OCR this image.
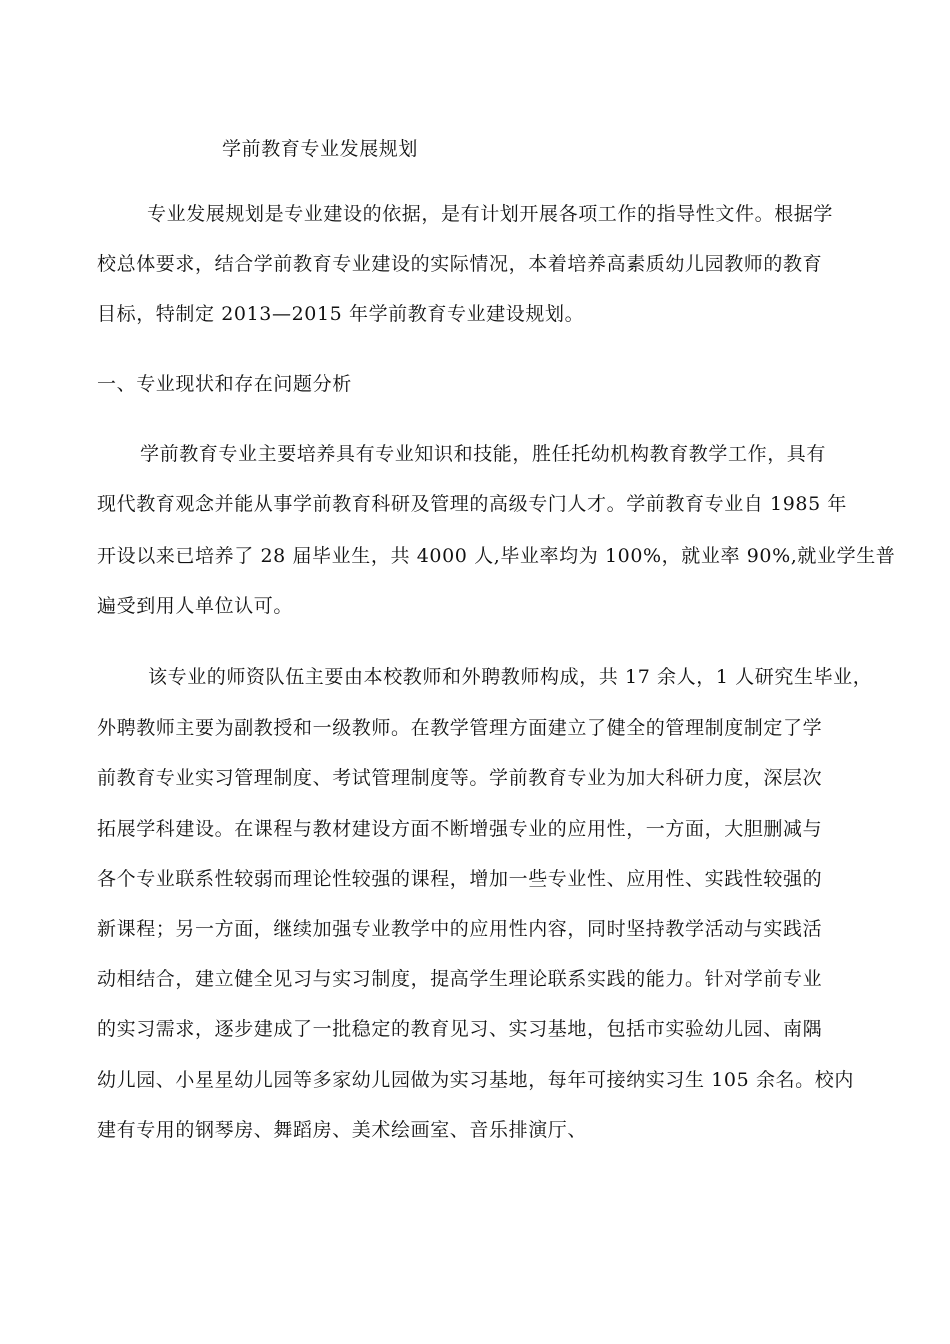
学前教育专业发展规划
专业发展规划是专业建设的依据，是有计划开展各项工作的指导性文件。根据学
校总体要求，结合学前教育专业建设的实际情况，本着培养高素质幼儿园教师的教育
目标，特制定 2013—2015 年学前教育专业建设规划。
一、专业现状和存在问题分析
学前教育专业主要培养具有专业知识和技能，胜任托幼机构教育教学工作，具有
现代教育观念并能从事学前教育科研及管理的高级专门人才。学前教育专业自 1985 年
开设以来已培养了 28 届毕业生，共 4000 人,毕业率均为 100%，就业率 90%,就业学生普
遍受到用人单位认可。
该专业的师资队伍主要由本校教师和外聘教师构成，共 17 余人，1 人研究生毕业，
外聘教师主要为副教授和一级教师。在教学管理方面建立了健全的管理制度制定了学
前教育专业实习管理制度、考试管理制度等。学前教育专业为加大科研力度，深层次
拓展学科建设。在课程与教材建设方面不断增强专业的应用性，一方面，大胆删减与
各个专业联系性较弱而理论性较强的课程，增加一些专业性、应用性、实践性较强的
新课程；另一方面，继续加强专业教学中的应用性内容，同时坚持教学活动与实践活
动相结合，建立健全见习与实习制度，提高学生理论联系实践的能力。针对学前专业
的实习需求，逐步建成了一批稳定的教育见习、实习基地，包括市实验幼儿园、南隅
幼儿园、小星星幼儿园等多家幼儿园做为实习基地，每年可接纳实习生 105 余名。校内
建有专用的钢琴房、舞蹈房、美术绘画室、音乐排演厅、
